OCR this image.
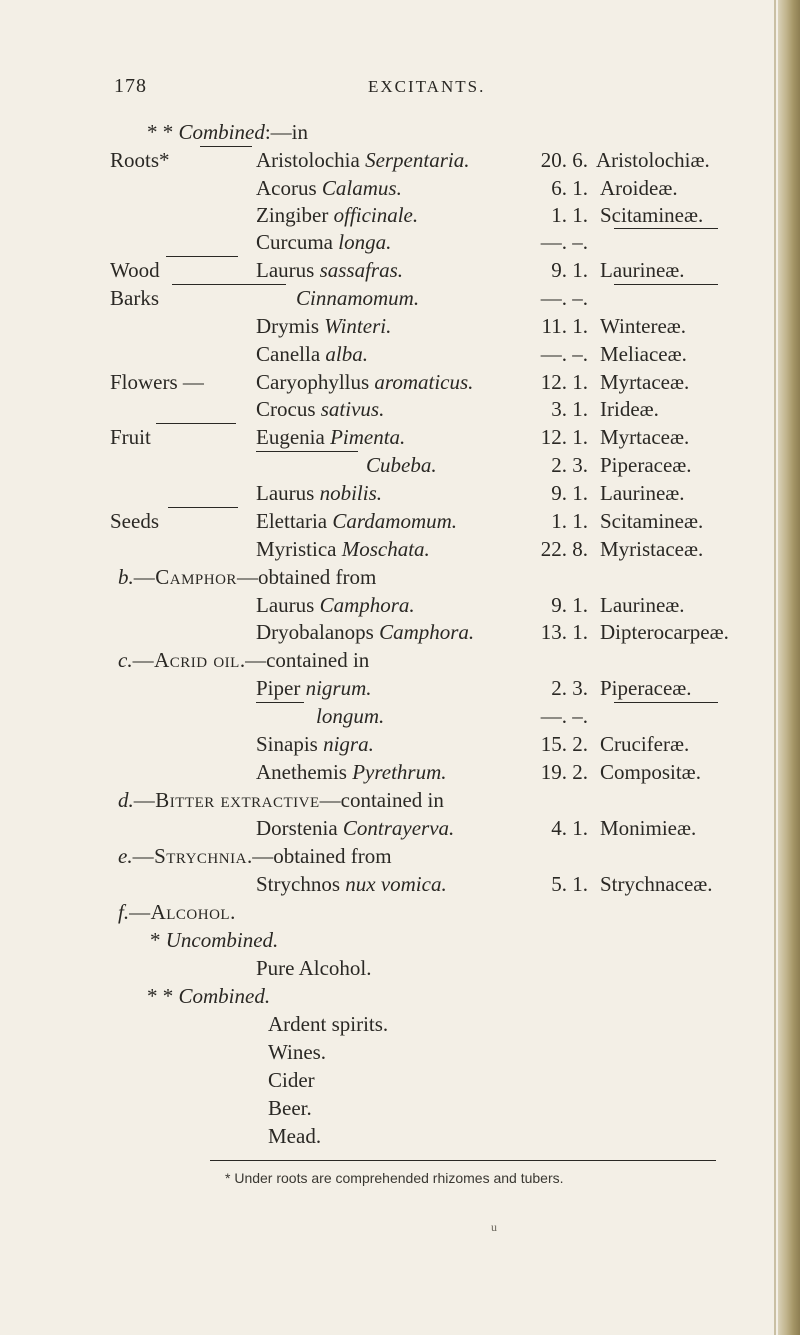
178	EXCITANTS.
* * Combined:—in
Roots*	Aristolochia Serpentaria.	20. 6. Aristolochiæ.
Acorus Calamus.	6. 1. Aroideæ.
Zingiber officinale.	1. 1. Scitamineæ.
Curcuma longa.	—. –.
Wood	Laurus sassafras.	9. 1. Laurineæ.
Barks	Cinnamomum.	—. –.
Drymis Winteri.	11. 1. Wintereæ.
Canella alba.	—. –. Meliaceæ.
Flowers — Caryophyllus aromaticus.	12. 1. Myrtaceæ.
Crocus sativus.	3. 1. Irideæ.
Fruit	Eugenia Pimenta.	12. 1. Myrtaceæ.
Cubeba.	2. 3. Piperaceæ.
Laurus nobilis.	9. 1. Laurineæ.
Seeds	Elettaria Cardamomum.	1. 1. Scitamineæ.
Myristica Moschata.	22. 8. Myristaceæ.
b.—Camphor—obtained from
Laurus Camphora.	9. 1. Laurineæ.
Dryobalanops Camphora.	13. 1. Dipterocarpeæ.
c.—Acrid oil.—contained in
Piper nigrum.	2. 3. Piperaceæ.
longum.	—. –.
Sinapis nigra.	15. 2. Cruciferæ.
Anethemis Pyrethrum.	19. 2. Compositæ.
d.—Bitter extractive—contained in
Dorstenia Contrayerva.	4. 1. Monimieæ.
e.—Strychnia.—obtained from
Strychnos nux vomica.	5. 1. Strychnaceæ.
f.—Alcohol.
* Uncombined.
Pure Alcohol.
* * Combined.
Ardent spirits.
Wines.
Cider
Beer.
Mead.
* Under roots are comprehended rhizomes and tubers.
u
